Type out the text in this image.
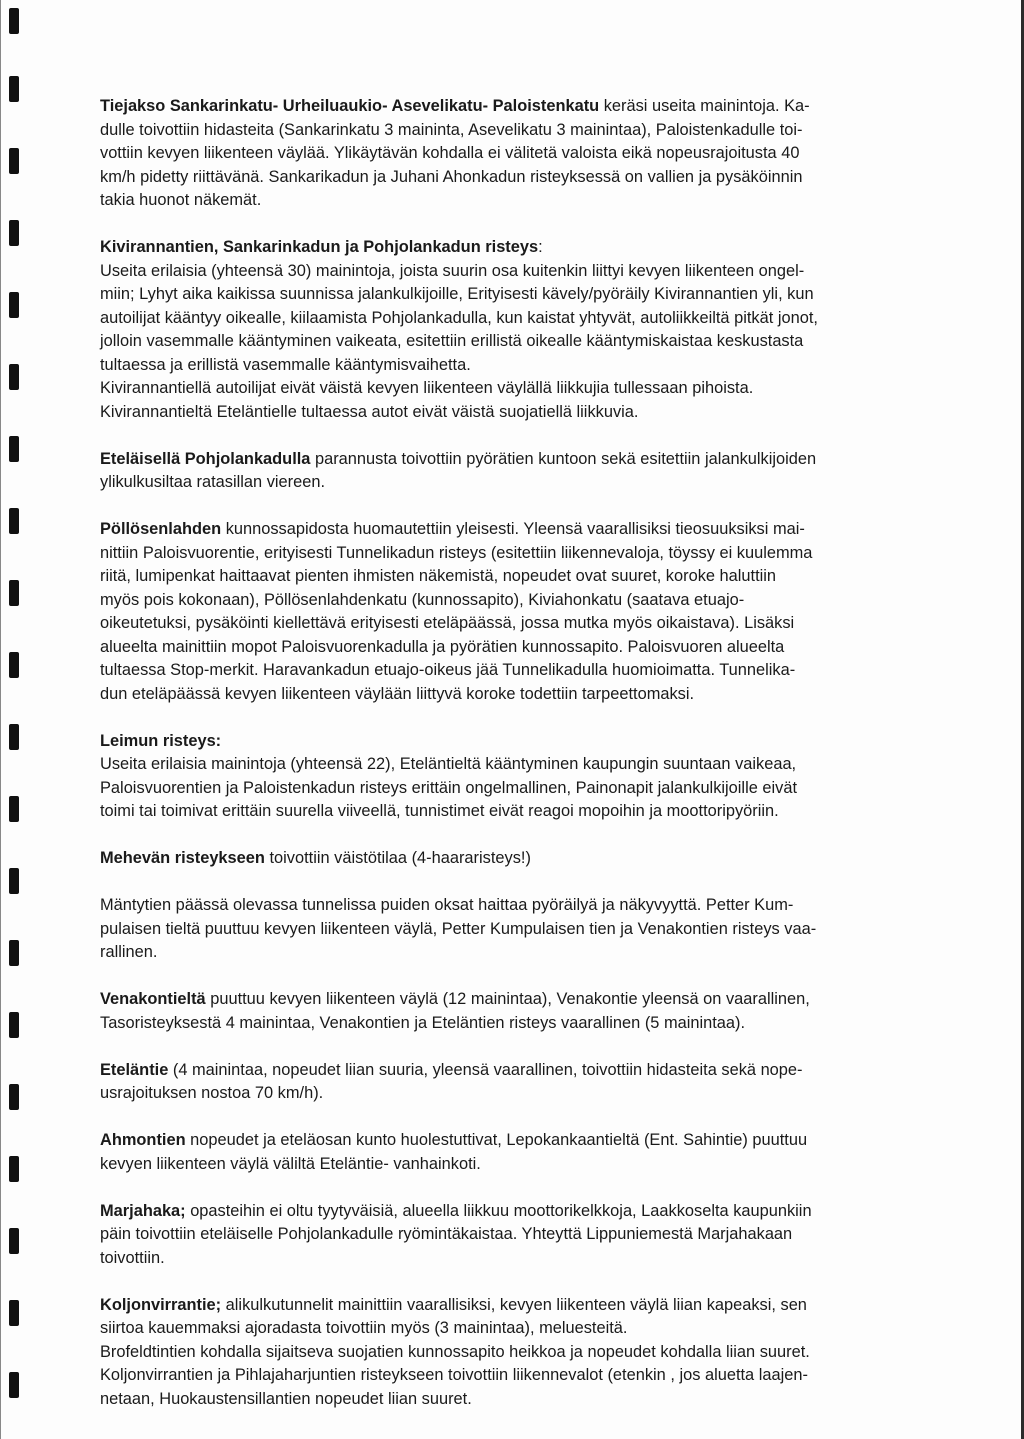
Tiejakso Sankarinkatu- Urheiluaukio- Asevelikatu- Paloistenkatu keräsi useita mainintoja. Ka-
dulle toivottiin hidasteita (Sankarinkatu 3 maininta, Asevelikatu 3 mainintaa), Paloistenkadulle toi-
vottiin kevyen liikenteen väylää. Ylikäytävän kohdalla ei välitetä valoista eikä nopeusrajoitusta 40
km/h pidetty riittävänä. Sankarikadun ja Juhani Ahonkadun risteyksessä on vallien ja pysäköinnin
takia huonot näkemät.
Kivirannantien, Sankarinkadun ja Pohjolankadun risteys:
Useita erilaisia (yhteensä 30) mainintoja, joista suurin osa kuitenkin liittyi kevyen liikenteen ongel-
miin; Lyhyt aika kaikissa suunnissa jalankulkijoille, Erityisesti kävely/pyöräily Kivirannantien yli, kun
autoilijat kääntyy oikealle, kiilaamista Pohjolankadulla, kun kaistat yhtyvät, autoliikkeiltä pitkät jonot,
jolloin vasemmalle kääntyminen vaikeata, esitettiin erillistä oikealle kääntymiskaistaa keskustasta
tultaessa ja erillistä vasemmalle kääntymisvaihetta.
Kivirannantiellä autoilijat eivät väistä kevyen liikenteen väylällä liikkujia tullessaan pihoista.
Kivirannantieltä Eteläntielle tultaessa autot eivät väistä suojatiellä liikkuvia.
Eteläisellä Pohjolankadulla parannusta toivottiin pyörätien kuntoon sekä esitettiin jalankulkijoiden
ylikulkusiltaa ratasillan viereen.
Pöllösenlahden kunnossapidosta huomautettiin yleisesti. Yleensä vaarallisiksi tieosuuksiksi mai-
nittiin Paloisvuorentie, erityisesti Tunnelikadun risteys (esitettiin liikennevaloja, töyssy ei kuulemma
riitä, lumipenkat haittaavat pienten ihmisten näkemistä, nopeudet ovat suuret, koroke haluttiin
myös pois kokonaan), Pöllösenlahdenkatu (kunnossapito), Kiviahonkatu (saatava etuajo-
oikeutetuksi, pysäköinti kiellettävä erityisesti eteläpäässä, jossa mutka myös oikaistava). Lisäksi
alueelta mainittiin mopot Paloisvuorenkadulla ja pyörätien kunnossapito. Paloisvuoren alueelta
tultaessa Stop-merkit. Haravankadun etuajo-oikeus jää Tunnelikadulla huomioimatta. Tunnelika-
dun eteläpäässä kevyen liikenteen väylään liittyvä koroke todettiin tarpeettomaksi.
Leimun risteys:
Useita erilaisia mainintoja (yhteensä 22), Eteläntieltä kääntyminen kaupungin suuntaan vaikeaa,
Paloisvuorentien ja Paloistenkadun risteys erittäin ongelmallinen, Painonapit jalankulkijoille eivät
toimi tai toimivat erittäin suurella viiveellä, tunnistimet eivät reagoi mopoihin ja moottoripyöriin.
Mehevän risteykseen toivottiin väistötilaa (4-haararisteys!)
Mäntytien päässä olevassa tunnelissa puiden oksat haittaa pyöräilyä ja näkyvyyttä. Petter Kum-
pulaisen tieltä puuttuu kevyen liikenteen väylä, Petter Kumpulaisen tien ja Venakontien risteys vaa-
rallinen.
Venakontieltä puuttuu kevyen liikenteen väylä (12 mainintaa), Venakontie yleensä on vaarallinen,
Tasoristeyksestä 4 mainintaa, Venakontien ja Eteläntien risteys vaarallinen (5 mainintaa).
Eteläntie (4 mainintaa, nopeudet liian suuria, yleensä vaarallinen, toivottiin hidasteita sekä nope-
usrajoituksen nostoa 70 km/h).
Ahmontien nopeudet ja eteläosan kunto huolestuttivat, Lepokankaantieltä (Ent. Sahintie) puuttuu
kevyen liikenteen väylä väliltä Eteläntie- vanhainkoti.
Marjahaka; opasteihin ei oltu tyytyväisiä, alueella liikkuu moottorikelkkoja, Laakkoselta kaupunkiin
päin toivottiin eteläiselle Pohjolankadulle ryömintäkaistaa. Yhteyttä Lippuniemestä Marjahakaan
toivottiin.
Koljonvirrantie; alikulkutunnelit mainittiin vaarallisiksi, kevyen liikenteen väylä liian kapeaksi, sen
siirtoa kauemmaksi ajoradasta toivottiin myös (3 mainintaa), meluesteitä.
Brofeldtintien kohdalla sijaitseva suojatien kunnossapito heikkoa ja nopeudet kohdalla liian suuret.
Koljonvirrantien ja Pihlajaharjuntien risteykseen toivottiin liikennevalot (etenkin , jos aluetta laajen-
netaan, Huokaustensillantien nopeudet liian suuret.
